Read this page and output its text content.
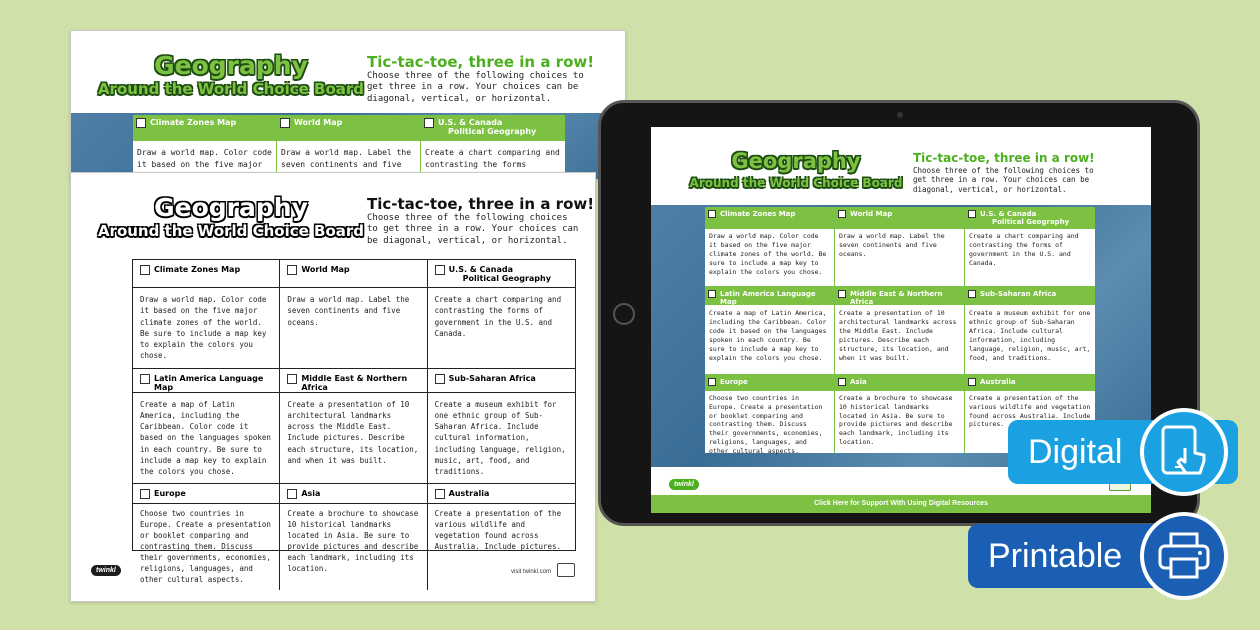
Geography
Around the World Choice Board
Tic-tac-toe, three in a row!
Choose three of the following choices to get three in a row. Your choices can be diagonal, vertical, or horizontal.
Climate Zones Map
Draw a world map. Color code it based on the five major
World Map
Draw a world map. Label the seven continents and five
U.S. & Canada
Political Geography
Create a chart comparing and contrasting the forms
Geography
Around the World Choice Board
Tic-tac-toe, three in a row!
Choose three of the following choices to get three in a row. Your choices can be diagonal, vertical, or horizontal.
Climate Zones Map
Draw a world map. Color code it based on the five major climate zones of the world. Be sure to include a map key to explain the colors you chose.
World Map
Draw a world map. Label the seven continents and five oceans.
U.S. & Canada
Political Geography
Create a chart comparing and contrasting the forms of government in the U.S. and Canada.
Latin America Language Map
Create a map of Latin America, including the Caribbean. Color code it based on the languages spoken in each country. Be sure to include a map key to explain the colors you chose.
Middle East & Northern Africa
Create a presentation of 10 architectural landmarks across the Middle East. Include pictures. Describe each structure, its location, and when it was built.
Sub-Saharan Africa
Create a museum exhibit for one ethnic group of Sub-Saharan Africa. Include cultural information, including language, religion, music, art, food, and traditions.
Europe
Choose two countries in Europe. Create a presentation or booklet comparing and contrasting them. Discuss their governments, economies, religions, languages, and other cultural aspects.
Asia
Create a brochure to showcase 10 historical landmarks located in Asia. Be sure to provide pictures and describe each landmark, including its location.
Australia
Create a presentation of the various wildlife and vegetation found across Australia. Include pictures.
twinkl	visit twinkl.com
Geography
Around the World Choice Board
Tic-tac-toe, three in a row!
Choose three of the following choices to get three in a row. Your choices can be diagonal, vertical, or horizontal.
Climate Zones Map
Draw a world map. Color code it based on the five major climate zones of the world. Be sure to include a map key to explain the colors you chose.
World Map
Draw a world map. Label the seven continents and five oceans.
U.S. & Canada
Political Geography
Create a chart comparing and contrasting the forms of government in the U.S. and Canada.
Latin America Language Map
Create a map of Latin America, including the Caribbean. Color code it based on the languages spoken in each country. Be sure to include a map key to explain the colors you chose.
Middle East & Northern Africa
Create a presentation of 10 architectural landmarks across the Middle East. Include pictures. Describe each structure, its location, and when it was built.
Sub-Saharan Africa
Create a museum exhibit for one ethnic group of Sub-Saharan Africa. Include cultural information, including language, religion, music, art, food, and traditions.
Europe
Choose two countries in Europe. Create a presentation or booklet comparing and contrasting them. Discuss their governments, economies, religions, languages, and other cultural aspects.
Asia
Create a brochure to showcase 10 historical landmarks located in Asia. Be sure to provide pictures and describe each landmark, including its location.
Australia
Create a presentation of the various wildlife and vegetation found across Australia. Include pictures.
twinkl
Click Here for Support With Using Digital Resources
Digital
Printable
